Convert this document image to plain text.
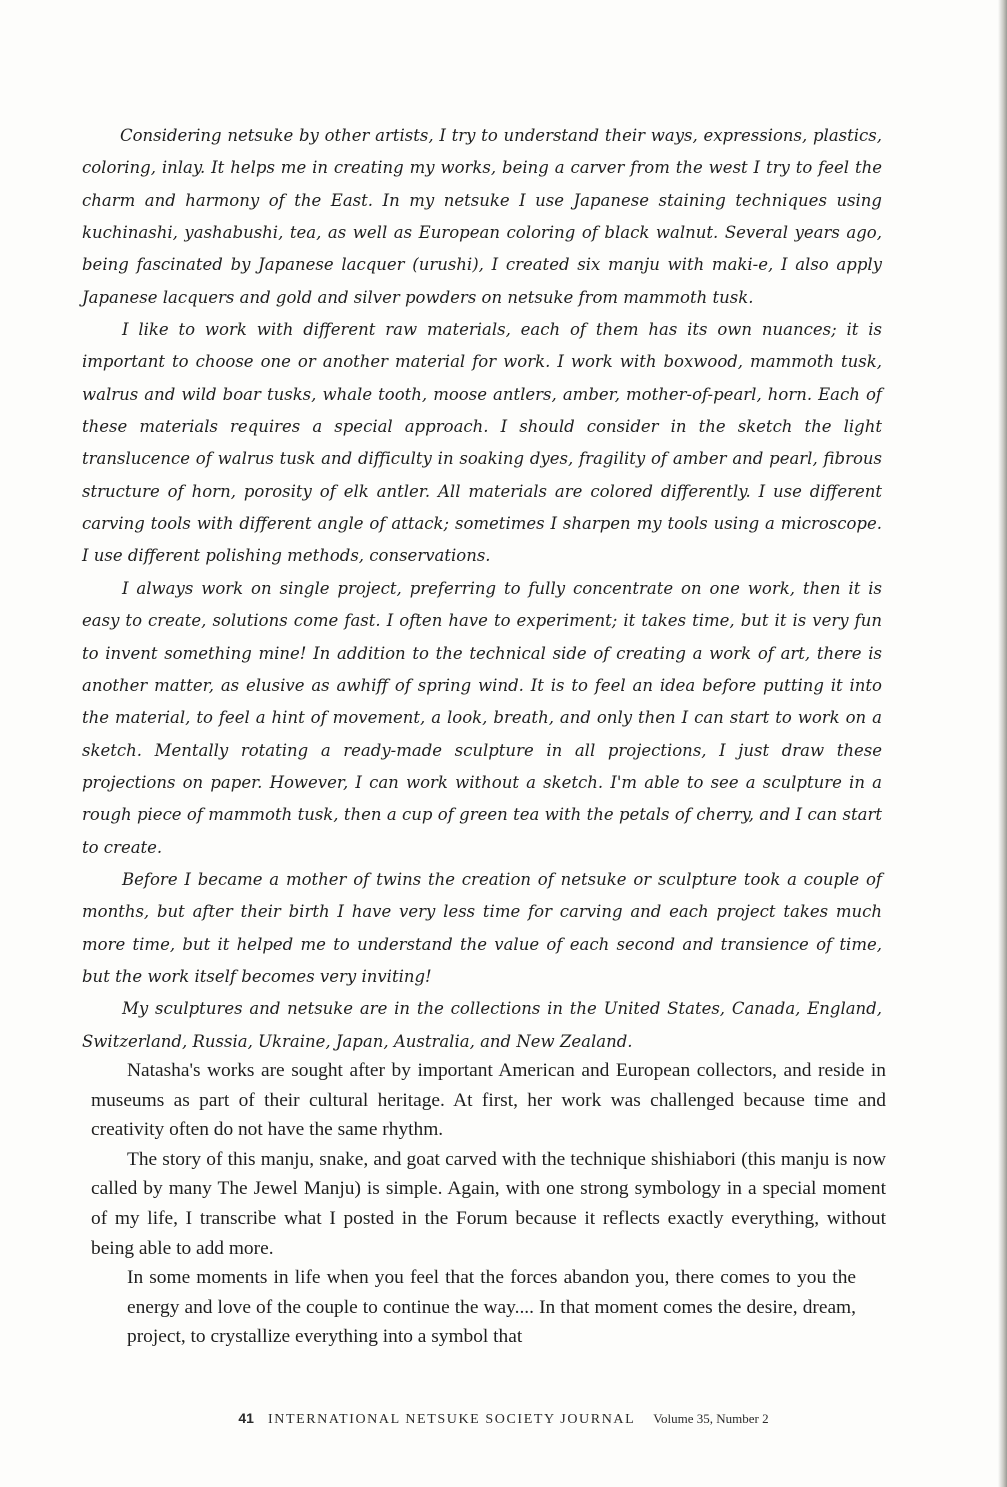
Considering netsuke by other artists, I try to understand their ways, expressions, plastics, coloring, inlay. It helps me in creating my works, being a carver from the west I try to feel the charm and harmony of the East. In my netsuke I use Japanese staining techniques using kuchinashi, yashabushi, tea, as well as European coloring of black walnut. Several years ago, being fascinated by Japanese lacquer (urushi), I created six manju with maki-e, I also apply Japanese lacquers and gold and silver powders on netsuke from mammoth tusk.

I like to work with different raw materials, each of them has its own nuances; it is important to choose one or another material for work. I work with boxwood, mammoth tusk, walrus and wild boar tusks, whale tooth, moose antlers, amber, mother-of-pearl, horn. Each of these materials requires a special approach. I should consider in the sketch the light translucence of walrus tusk and difficulty in soaking dyes, fragility of amber and pearl, fibrous structure of horn, porosity of elk antler. All materials are colored differently. I use different carving tools with different angle of attack; sometimes I sharpen my tools using a microscope. I use different polishing methods, conservations.

I always work on single project, preferring to fully concentrate on one work, then it is easy to create, solutions come fast. I often have to experiment; it takes time, but it is very fun to invent something mine! In addition to the technical side of creating a work of art, there is another matter, as elusive as awhiff of spring wind. It is to feel an idea before putting it into the material, to feel a hint of movement, a look, breath, and only then I can start to work on a sketch. Mentally rotating a ready-made sculpture in all projections, I just draw these projections on paper. However, I can work without a sketch. I'm able to see a sculpture in a rough piece of mammoth tusk, then a cup of green tea with the petals of cherry, and I can start to create.

Before I became a mother of twins the creation of netsuke or sculpture took a couple of months, but after their birth I have very less time for carving and each project takes much more time, but it helped me to understand the value of each second and transience of time, but the work itself becomes very inviting!

My sculptures and netsuke are in the collections in the United States, Canada, England, Switzerland, Russia, Ukraine, Japan, Australia, and New Zealand.

Natasha's works are sought after by important American and European collectors, and reside in museums as part of their cultural heritage. At first, her work was challenged because time and creativity often do not have the same rhythm.

The story of this manju, snake, and goat carved with the technique shishiabori (this manju is now called by many The Jewel Manju) is simple. Again, with one strong symbology in a special moment of my life, I transcribe what I posted in the Forum because it reflects exactly everything, without being able to add more.

In some moments in life when you feel that the forces abandon you, there comes to you the energy and love of the couple to continue the way.... In that moment comes the desire, dream, project, to crystallize everything into a symbol that

41 INTERNATIONAL NETSUKE SOCIETY JOURNAL Volume 35, Number 2
